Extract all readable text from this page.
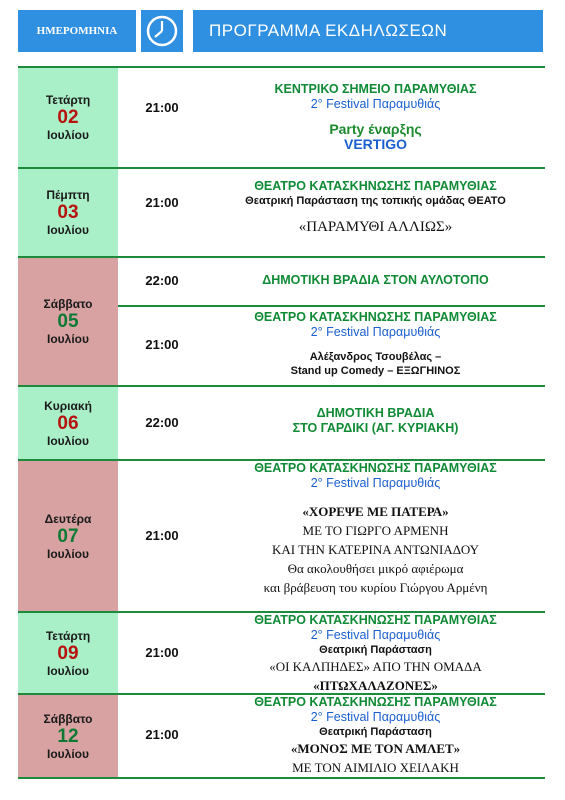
ΗΜΕΡΟΜΗΝΙΑ	ΠΡΟΓΡΑΜΜΑ ΕΚΔΗΛΩΣΕΩΝ
Τετάρτη
02
Ιουλίου
21:00
ΚΕΝΤΡΙΚΟ ΣΗΜΕΙΟ ΠΑΡΑΜΥΘΙΑΣ
2° Festival Παραμυθιάς
Party έναρξης
VERTIGO
Πέμπτη
03
Ιουλίου
21:00
ΘΕΑΤΡΟ ΚΑΤΑΣΚΗΝΩΣΗΣ ΠΑΡΑΜΥΘΙΑΣ
Θεατρική Παράσταση της τοπικής ομάδας ΘΕΑΤΟ
«ΠΑΡΑΜΥΘΙ ΑΛΛΙΩΣ»
Σάββατο
05
Ιουλίου
22:00	ΔΗΜΟΤΙΚΗ ΒΡΑΔΙΑ ΣΤΟΝ ΑΥΛΟΤΟΠΟ
21:00
ΘΕΑΤΡΟ ΚΑΤΑΣΚΗΝΩΣΗΣ ΠΑΡΑΜΥΘΙΑΣ
2° Festival Παραμυθιάς
Αλέξανδρος Τσουβέλας –
Stand up Comedy – ΕΞΩΓΗΙΝΟΣ
Κυριακή
06
Ιουλίου
22:00
ΔΗΜΟΤΙΚΗ ΒΡΑΔΙΑ
ΣΤΟ ΓΑΡΔΙΚΙ (ΑΓ. ΚΥΡΙΑΚΗ)
Δευτέρα
07
Ιουλίου
21:00
ΘΕΑΤΡΟ ΚΑΤΑΣΚΗΝΩΣΗΣ ΠΑΡΑΜΥΘΙΑΣ
2° Festival Παραμυθιάς
«ΧΟΡΕΨΕ ΜΕ ΠΑΤΕΡΑ»
ΜΕ ΤΟ ΓΙΩΡΓΟ ΑΡΜΕΝΗ
ΚΑΙ ΤΗΝ ΚΑΤΕΡΙΝΑ ΑΝΤΩΝΙΑΔΟΥ
Θα ακολουθήσει μικρό αφιέρωμα
και βράβευση του κυρίου Γιώργου Αρμένη
Τετάρτη
09
Ιουλίου
21:00
ΘΕΑΤΡΟ ΚΑΤΑΣΚΗΝΩΣΗΣ ΠΑΡΑΜΥΘΙΑΣ
2° Festival Παραμυθιάς
Θεατρική Παράσταση
«ΟΙ ΚΑΛΠΗΔΕΣ» ΑΠΟ ΤΗΝ ΟΜΑΔΑ
«ΠΤΩΧΑΛΑΖΟΝΕΣ»
Σάββατο
12
Ιουλίου
21:00
ΘΕΑΤΡΟ ΚΑΤΑΣΚΗΝΩΣΗΣ ΠΑΡΑΜΥΘΙΑΣ
2° Festival Παραμυθιάς
Θεατρική Παράσταση
«ΜΟΝΟΣ ΜΕ ΤΟΝ ΑΜΛΕΤ»
ΜΕ ΤΟΝ ΑΙΜΙΛΙΟ ΧΕΙΛΑΚΗ
